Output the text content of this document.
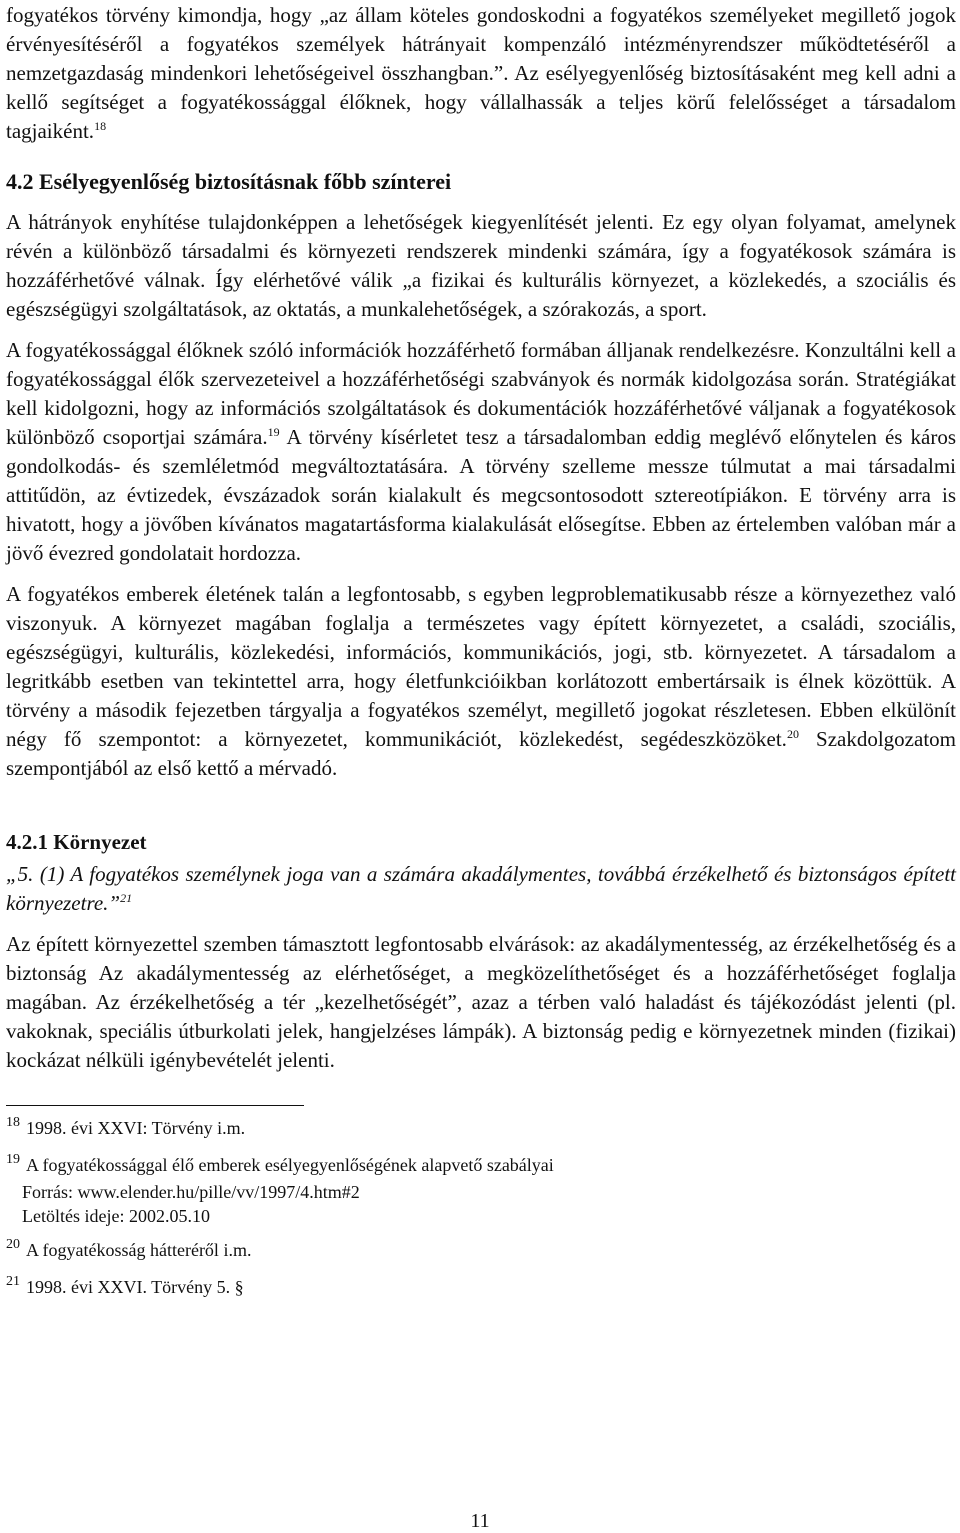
fogyatékos törvény kimondja, hogy „az állam köteles gondoskodni a fogyatékos személyeket megillető jogok érvényesítéséről a fogyatékos személyek hátrányait kompenzáló intézményrendszer működtetéséről a nemzetgazdaság mindenkori lehetőségeivel összhangban.”. Az esélyegyenlőség biztosításaként meg kell adni a kellő segítséget a fogyatékossággal élőknek, hogy vállalhassák a teljes körű felelősséget a társadalom tagjaiként.$^{18}$

4.2 Esélyegyenlőség biztosításnak főbb színterei

A hátrányok enyhítése tulajdonképpen a lehetőségek kiegyenlítését jelenti. Ez egy olyan folyamat, amelynek révén a különböző társadalmi és környezeti rendszerek mindenki számára, így a fogyatékosok számára is hozzáférhetővé válnak. Így elérhetővé válik „a fizikai és kulturális környezet, a közlekedés, a szociális és egészségügyi szolgáltatások, az oktatás, a munkalehetőségek, a szórakozás, a sport.

A fogyatékossággal élőknek szóló információk hozzáférhető formában álljanak rendelkezésre. Konzultálni kell a fogyatékossággal élők szervezeteivel a hozzáférhetőségi szabványok és normák kidolgozása során. Stratégiákat kell kidolgozni, hogy az információs szolgáltatások és dokumentációk hozzáférhetővé váljanak a fogyatékosok különböző csoportjai számára.$^{19}$ A törvény kísérletet tesz a társadalomban eddig meglévő előnytelen és káros gondolkodás- és szemléletmód megváltoztatására. A törvény szelleme messze túlmutat a mai társadalmi attitűdön, az évtizedek, évszázadok során kialakult és megcsontosodott sztereotípiákon. E törvény arra is hivatott, hogy a jövőben kívánatos magatartásforma kialakulását elősegítse. Ebben az értelemben valóban már a jövő évezred gondolatait hordozza.

A fogyatékos emberek életének talán a legfontosabb, s egyben legproblematikusabb része a környezethez való viszonyuk. A környezet magában foglalja a természetes vagy épített környezetet, a családi, szociális, egészségügyi, kulturális, közlekedési, információs, kommunikációs, jogi, stb. környezetet. A társadalom a legritkább esetben van tekintettel arra, hogy életfunkcióikban korlátozott embertársaik is élnek közöttük. A törvény a második fejezetben tárgyalja a fogyatékos személyt, megillető jogokat részletesen. Ebben elkülönít négy fő szempontot: a környezetet, kommunikációt, közlekedést, segédeszközöket.$^{20}$ Szakdolgozatom szempontjából az első kettő a mérvadó.

4.2.1 Környezet

„5. (1) A fogyatékos személynek joga van a számára akadálymentes, továbbá érzékelhető és biztonságos épített környezetre.”$^{21}$

Az épített környezettel szemben támasztott legfontosabb elvárások: az akadálymentesség, az érzékelhetőség és a biztonság Az akadálymentesség az elérhetőséget, a megközelíthetőséget és a hozzáférhetőséget foglalja magában. Az érzékelhetőség a tér „kezelhetőségét”, azaz a térben való haladást és tájékozódást jelenti (pl. vakoknak, speciális útburkolati jelek, hangjelzéses lámpák). A biztonság pedig e környezetnek minden (fizikai) kockázat nélküli igénybevételét jelenti.

$^{18}$ 1998. évi XXVI: Törvény i.m.

$^{19}$ A fogyatékossággal élő emberek esélyegyenlőségének alapvető szabályai

Forrás: www.elender.hu/pille/vv/1997/4.htm#2

Letöltés ideje: 2002.05.10

$^{20}$ A fogyatékosság hátteréről i.m.

$^{21}$ 1998. évi XXVI. Törvény 5. §

11
